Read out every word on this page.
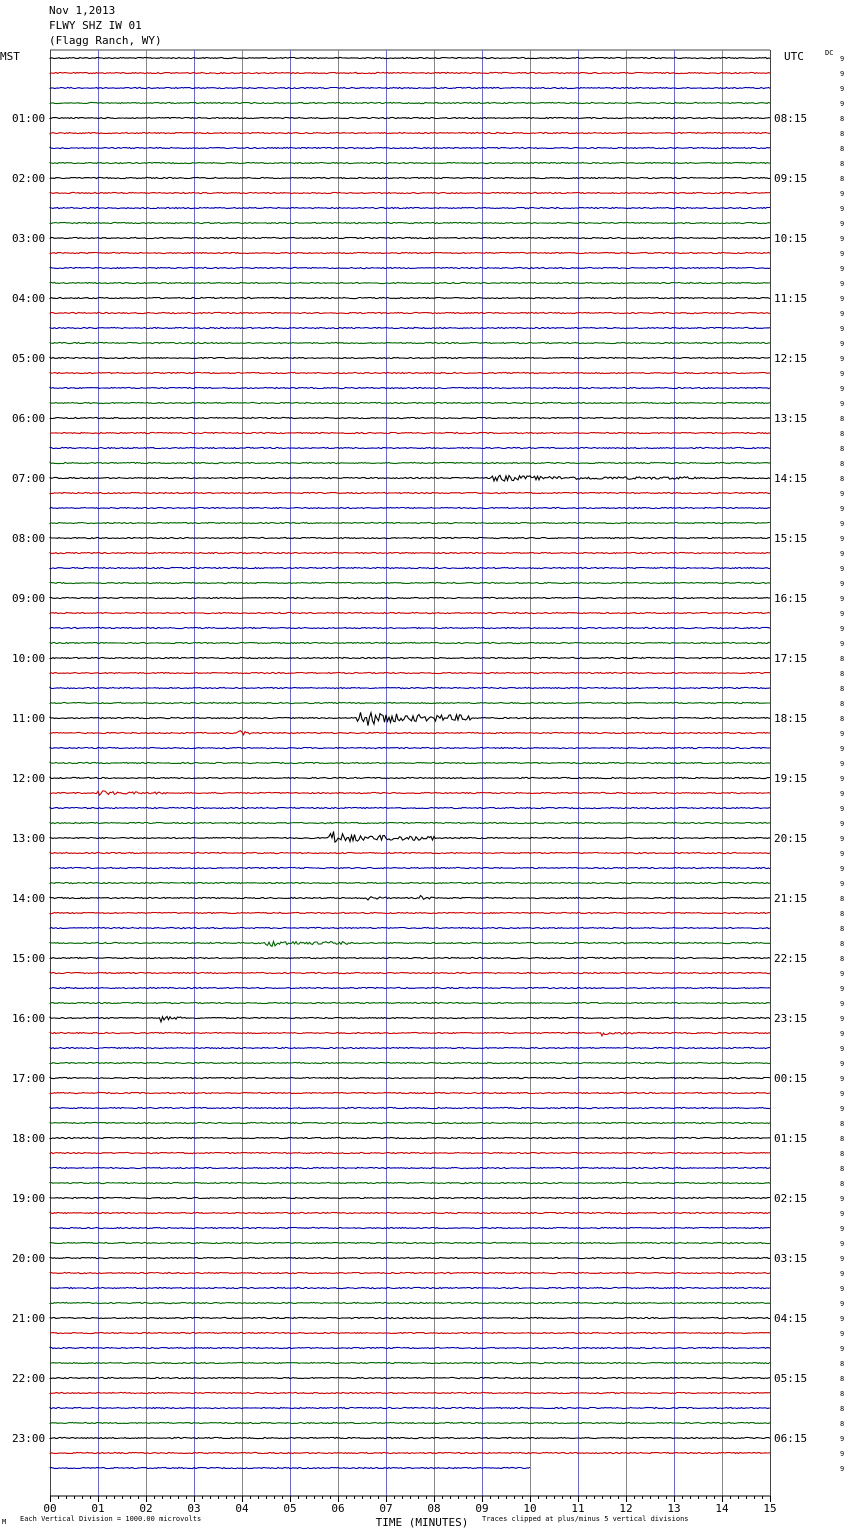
Nov 1,2013
FLWY SHZ IW 01
(Flagg Ranch, WY)
MST	UTC	DC
9
9
9
9
8
8
8
8
8
9
9
9
9
9
9
9
9
9
9
9
9
9
9
9
8
8
8
8
8
9
9
9
9
9
9
9
9
9
9
9
8
8
8
8
8
9
9
9
9
9
9
9
9
9
9
9
8
8
8
8
8
9
9
9
9
9
9
9
9
9
9
8
8
8
8
8
9
9
9
9
9
9
9
9
9
9
9
8
8
8
8
8
9
9
9
01:00
02:00
03:00
04:00
05:00
06:00
07:00
08:00
09:00
10:00
11:00
12:00
13:00
14:00
15:00
16:00
17:00
18:00
19:00
20:00
21:00
22:00
23:00
08:15
09:15
10:15
11:15
12:15
13:15
14:15
15:15
16:15
17:15
18:15
19:15
20:15
21:15
22:15
23:15
00:15
01:15
02:15
03:15
04:15
05:15
06:15
00	01	02	03	04	05	06	07	08	09	10	11	12	13	14	15
TIME (MINUTES)
Each Vertical Division = 1000.00 microvolts	Traces clipped at plus/minus 5 vertical divisions
M
